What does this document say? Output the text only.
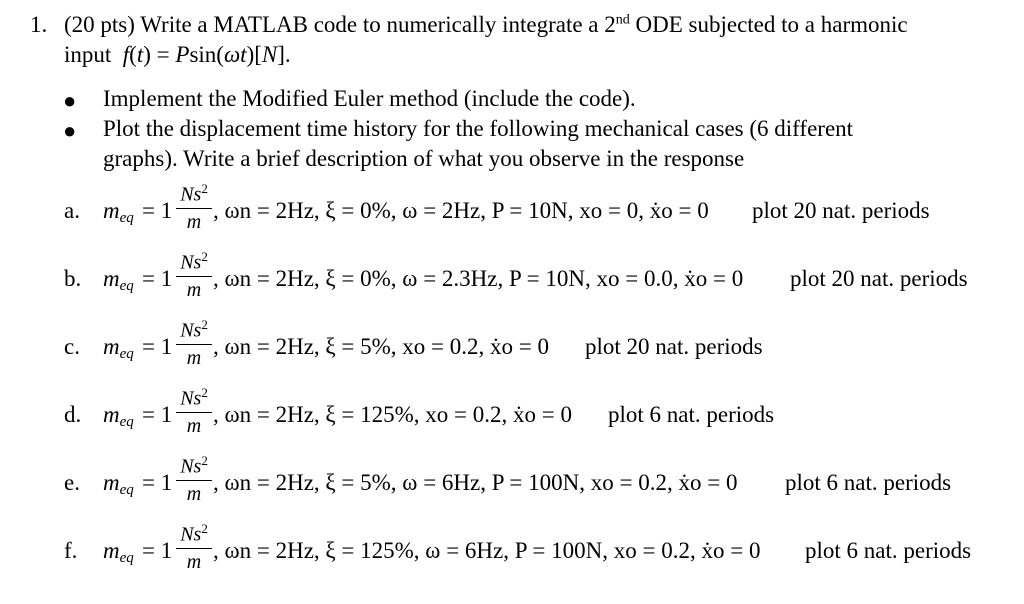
1. (20 pts) Write a MATLAB code to numerically integrate a 2nd ODE subjected to a harmonic
input  f(t) = Psin(ωt)[N].
● Implement the Modified Euler method (include the code).
● Plot the displacement time history for the following mechanical cases (6 different
graphs). Write a brief description of what you observe in the response
a. $m_{eq} = 1$
Ns$^2$
m , ωn = 2Hz, ξ = 0%, ω = 2Hz, P = 10N, xo = 0, ẋo = 0 plot 20 nat. periods
b. $m_{eq} = 1$
Ns$^2$
m , ωn = 2Hz, ξ = 0%, ω = 2.3Hz, P = 10N, xo = 0.0, ẋo = 0 plot 20 nat. periods
c. $m_{eq} = 1$
Ns$^2$
m , ωn = 2Hz, ξ = 5%, xo = 0.2, ẋo = 0 plot 20 nat. periods
d. $m_{eq} = 1$
Ns$^2$
m , ωn = 2Hz, ξ = 125%, xo = 0.2, ẋo = 0 plot 6 nat. periods
e. $m_{eq} = 1$
Ns$^2$
m , ωn = 2Hz, ξ = 5%, ω = 6Hz, P = 100N, xo = 0.2, ẋo = 0 plot 6 nat. periods
f. $m_{eq} = 1$
Ns$^2$
m , ωn = 2Hz, ξ = 125%, ω = 6Hz, P = 100N, xo = 0.2, ẋo = 0 plot 6 nat. periods
